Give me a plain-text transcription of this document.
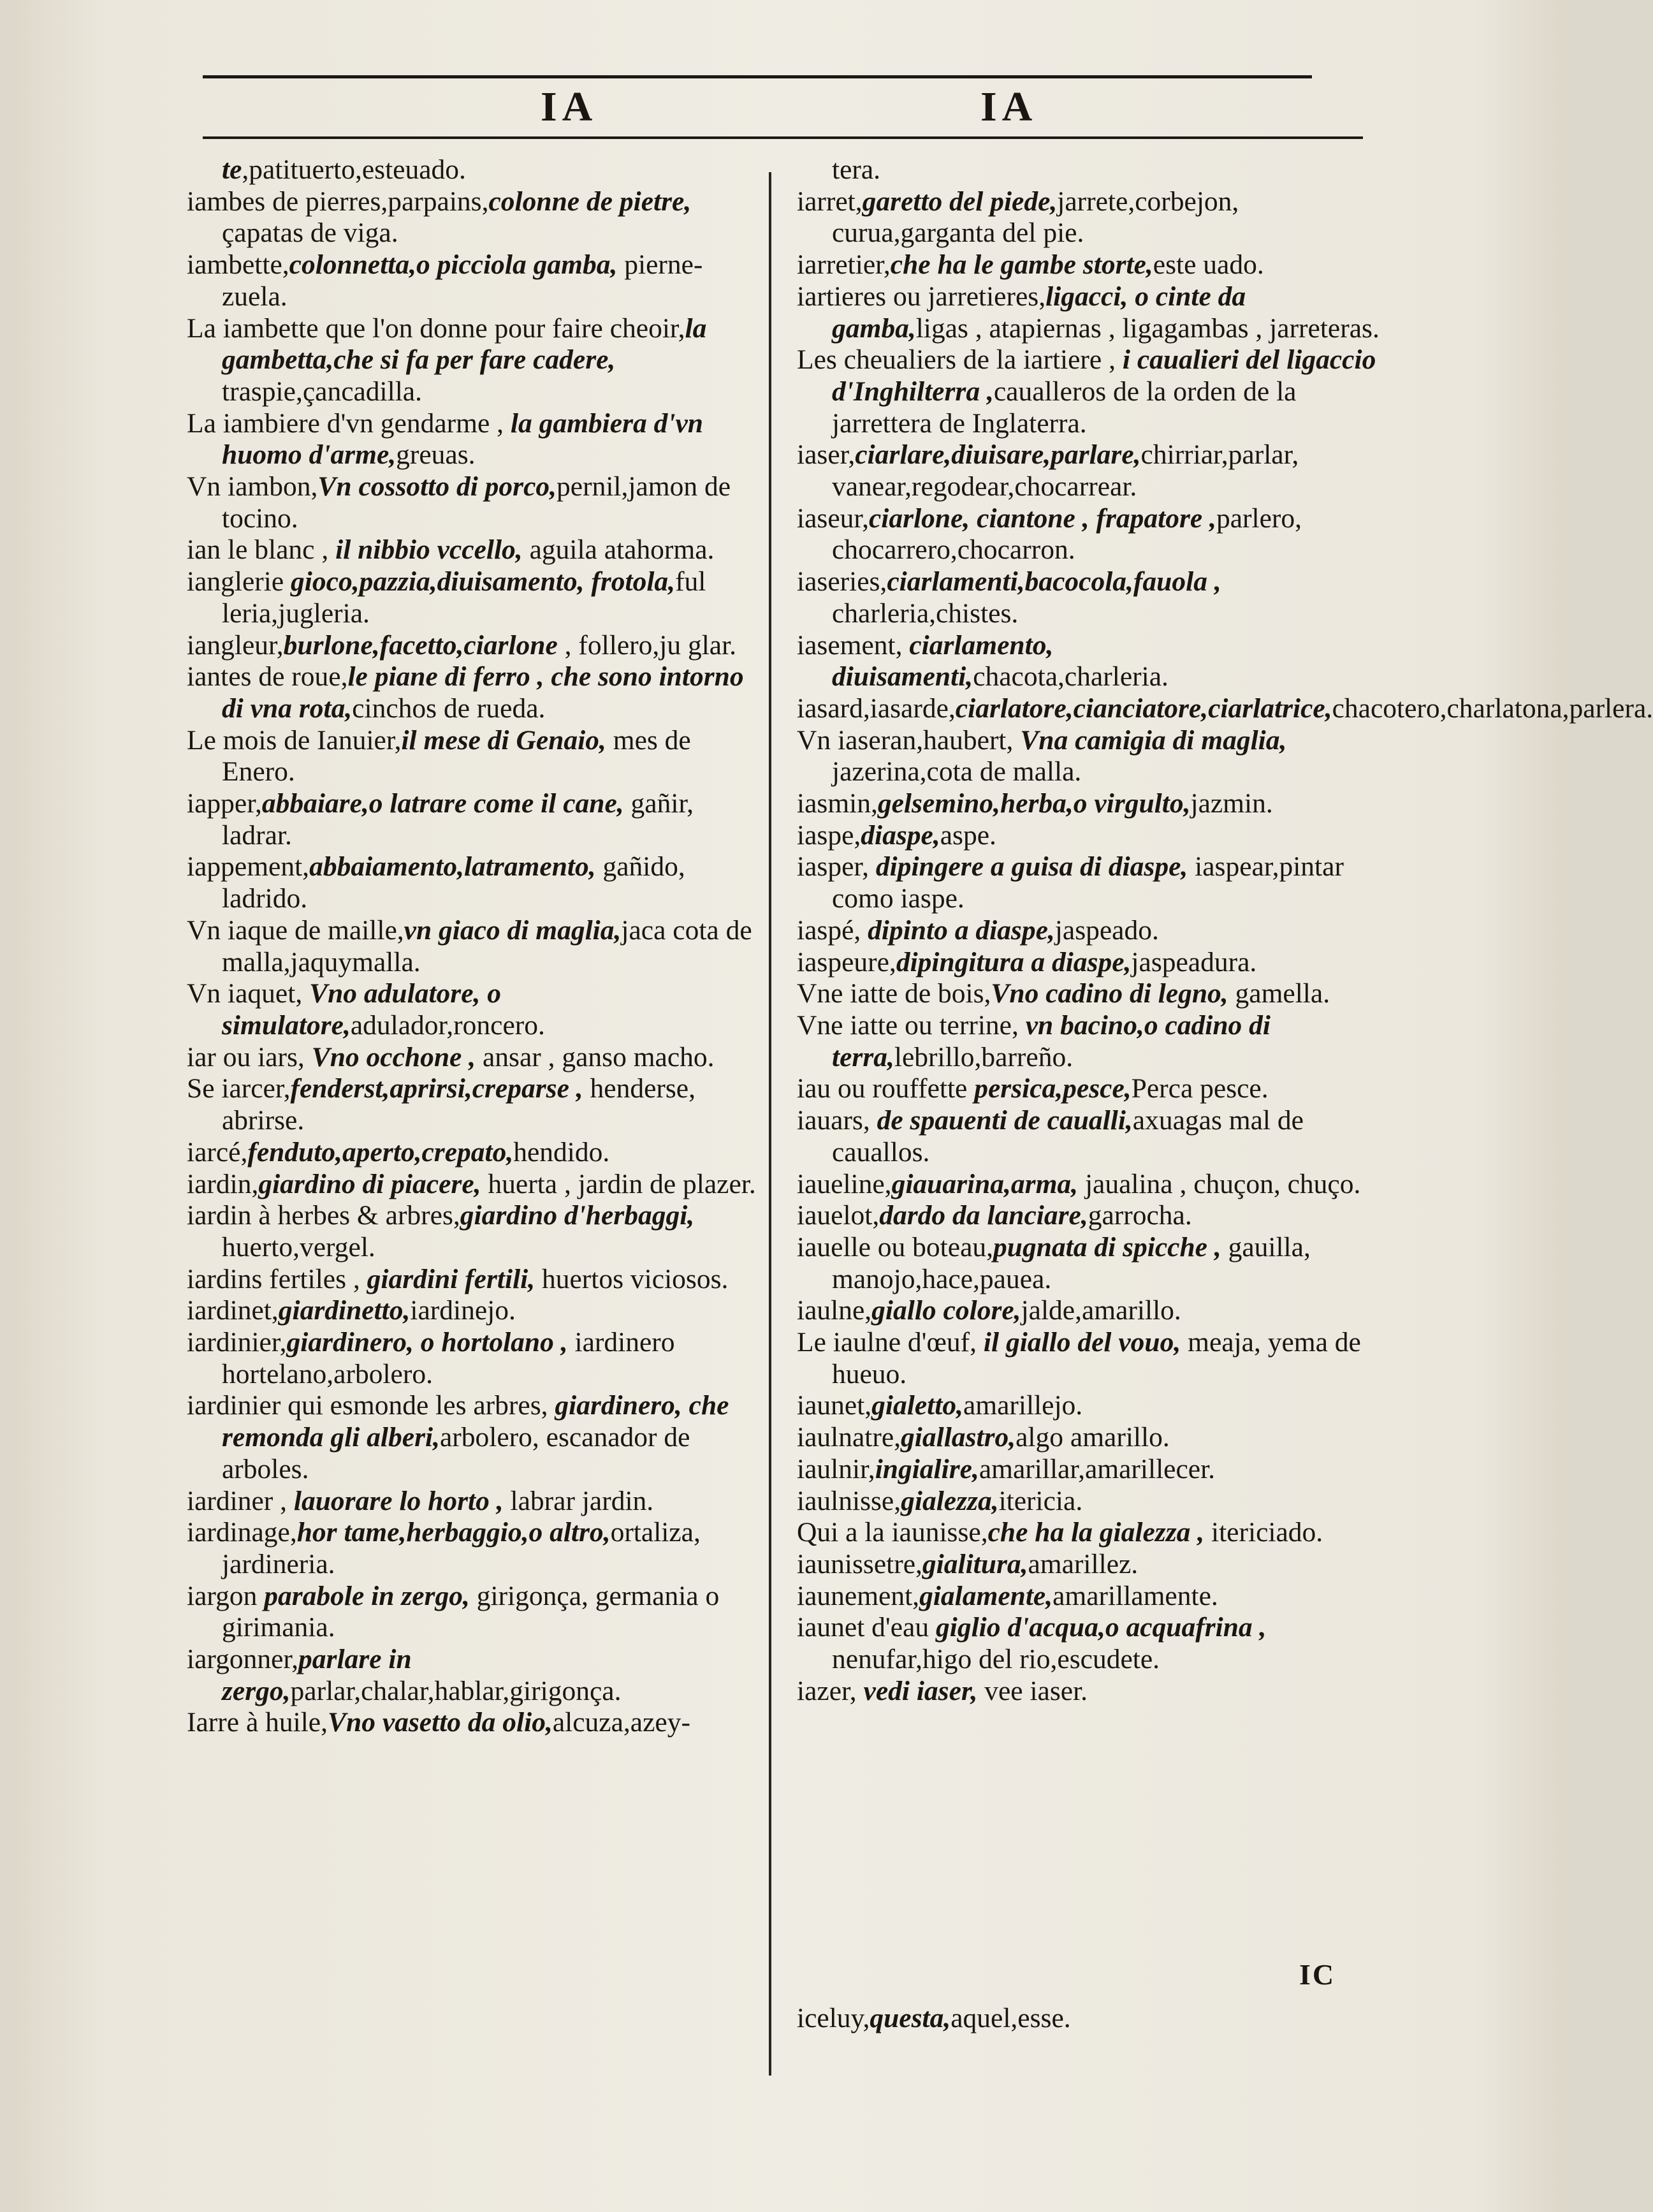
IA	IA

te,patituerto,esteuado.

iambes de pierres,parpains,colonne de pietre, çapatas de viga.

iambette,colonnetta,o picciola gamba, pierne-zuela.

La iambette que l'on donne pour faire cheoir,la gambetta,che si fa per fare cadere, traspie,çancadilla.

La iambiere d'vn gendarme , la gambiera d'vn huomo d'arme,greuas.

Vn iambon,Vn cossotto di porco,pernil,jamon de tocino.

ian le blanc , il nibbio vccello, aguila atahorma.

ianglerie gioco,pazzia,diuisamento, frotola,ful leria,jugleria.

iangleur,burlone,facetto,ciarlone , follero,ju glar.

iantes de roue,le piane di ferro , che sono intorno di vna rota,cinchos de rueda.

Le mois de Ianuier,il mese di Genaio, mes de Enero.

iapper,abbaiare,o latrare come il cane, gañir, ladrar.

iappement,abbaiamento,latramento, gañido, ladrido.

Vn iaque de maille,vn giaco di maglia,jaca cota de malla,jaquymalla.

Vn iaquet, Vno adulatore, o simulatore,adulador,roncero.

iar ou iars, Vno occhone , ansar , ganso macho.

Se iarcer,fenderst,aprirsi,creparse , henderse, abrirse.

iarcé,fenduto,aperto,crepato,hendido.

iardin,giardino di piacere, huerta , jardin de plazer.

iardin à herbes & arbres,giardino d'herbaggi, huerto,vergel.

iardins fertiles , giardini fertili, huertos viciosos.

iardinet,giardinetto,iardinejo.

iardinier,giardinero, o hortolano , iardinero hortelano,arbolero.

iardinier qui esmonde les arbres, giardinero, che remonda gli alberi,arbolero, escanador de arboles.

iardiner , lauorare lo horto , labrar jardin.

iardinage,hor tame,herbaggio,o altro,ortaliza, jardineria.

iargon parabole in zergo, girigonça, germania o girimania.

iargonner,parlare in zergo,parlar,chalar,hablar,girigonça.

Iarre à huile,Vno vasetto da olio,alcuza,azey-

tera.

iarret,garetto del piede,jarrete,corbejon, curua,garganta del pie.

iarretier,che ha le gambe storte,este uado.

iartieres ou jarretieres,ligacci, o cinte da gamba,ligas , atapiernas , ligagambas , jarreteras.

Les cheualiers de la iartiere , i caualieri del ligaccio d'Inghilterra ,caualleros de la orden de la jarrettera de Inglaterra.

iaser,ciarlare,diuisare,parlare,chirriar,parlar, vanear,regodear,chocarrear.

iaseur,ciarlone, ciantone , frapatore ,parlero, chocarrero,chocarron.

iaseries,ciarlamenti,bacocola,fauola , charleria,chistes.

iasement, ciarlamento, diuisamenti,chacota,charleria.

iasard,iasarde,ciarlatore,cianciatore,ciarlatrice,chacotero,charlatona,parlera.

Vn iaseran,haubert, Vna camigia di maglia, jazerina,cota de malla.

iasmin,gelsemino,herba,o virgulto,jazmin.

iaspe,diaspe,aspe.

iasper, dipingere a guisa di diaspe, iaspear,pintar como iaspe.

iaspé, dipinto a diaspe,jaspeado.

iaspeure,dipingitura a diaspe,jaspeadura.

Vne iatte de bois,Vno cadino di legno, gamella.

Vne iatte ou terrine, vn bacino,o cadino di terra,lebrillo,barreño.

iau ou rouffette persica,pesce,Perca pesce.

iauars, de spauenti de caualli,axuagas mal de cauallos.

iaueline,giauarina,arma, jaualina , chuçon, chuço.

iauelot,dardo da lanciare,garrocha.

iauelle ou boteau,pugnata di spicche , gauilla, manojo,hace,pauea.

iaulne,giallo colore,jalde,amarillo.

Le iaulne d'œuf, il giallo del vouo, meaja, yema de hueuo.

iaunet,gialetto,amarillejo.

iaulnatre,giallastro,algo amarillo.

iaulnir,ingialire,amarillar,amarillecer.

iaulnisse,gialezza,itericia.

Qui a la iaunisse,che ha la gialezza , itericiado.

iaunissetre,gialitura,amarillez.

iaunement,gialamente,amarillamente.

iaunet d'eau giglio d'acqua,o acquafrina , nenufar,higo del rio,escudete.

iazer, vedi iaser, vee iaser.

IC
iceluy,questa,aquel,esse.
